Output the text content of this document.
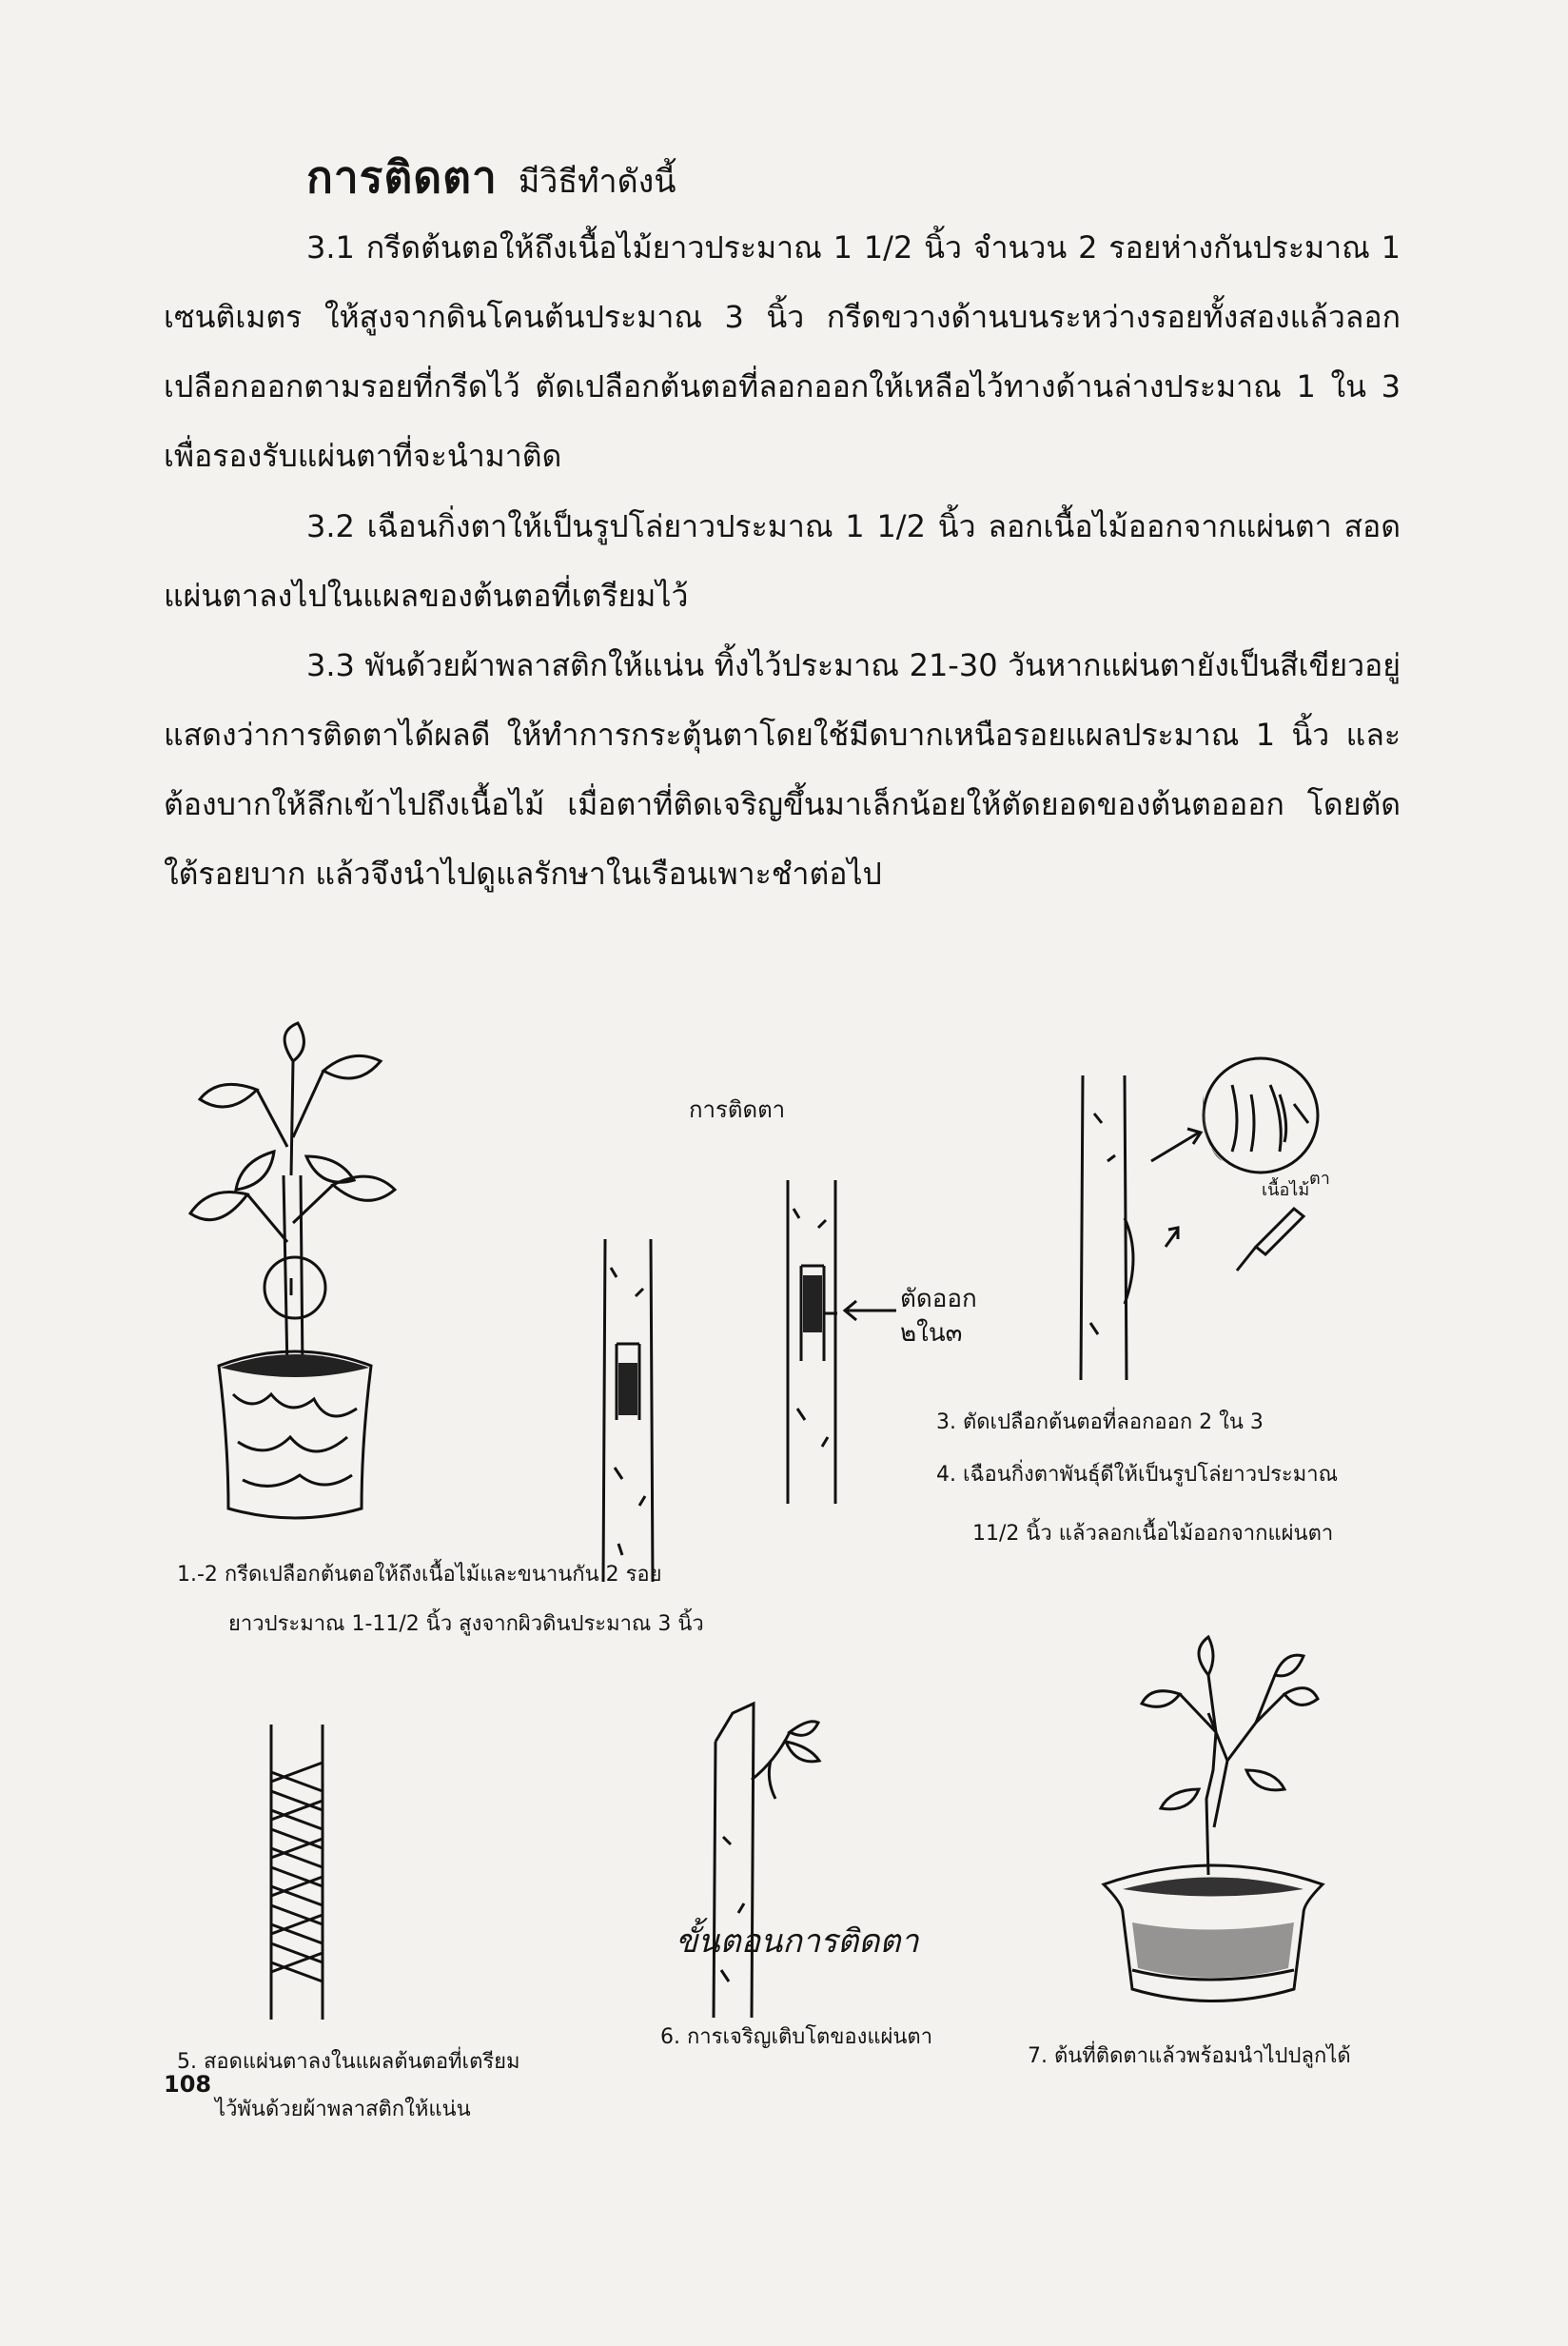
การติดตา มีวิธีทำดังนี้
3.1 กรีดต้นตอให้ถึงเนื้อไม้ยาวประมาณ 1 1/2 นิ้ว จำนวน 2 รอยห่างกันประมาณ 1 เซนติเมตร ให้สูงจากดินโคนต้นประมาณ 3 นิ้ว กรีดขวางด้านบนระหว่างรอยทั้งสองแล้วลอกเปลือกออกตามรอยที่กรีดไว้ ตัดเปลือกต้นตอที่ลอกออกให้เหลือไว้ทางด้านล่างประมาณ 1 ใน 3 เพื่อรองรับแผ่นตาที่จะนำมาติด
3.2 เฉือนกิ่งตาให้เป็นรูปโล่ยาวประมาณ 1 1/2 นิ้ว ลอกเนื้อไม้ออกจากแผ่นตา สอดแผ่นตาลงไปในแผลของต้นตอที่เตรียมไว้
3.3 พันด้วยผ้าพลาสติกให้แน่น ทิ้งไว้ประมาณ 21-30 วันหากแผ่นตายังเป็นสีเขียวอยู่แสดงว่าการติดตาได้ผลดี ให้ทำการกระตุ้นตาโดยใช้มีดบากเหนือรอยแผลประมาณ 1 นิ้ว และต้องบากให้ลึกเข้าไปถึงเนื้อไม้ เมื่อตาที่ติดเจริญขึ้นมาเล็กน้อยให้ตัดยอดของต้นตอออก โดยตัดใต้รอยบาก แล้วจึงนำไปดูแลรักษาในเรือนเพาะชำต่อไป
การติดตา
ตัดออก
๒ใน๓
เนื้อไม้
ตา
1.-2 กรีดเปลือกต้นตอให้ถึงเนื้อไม้และขนานกัน 2 รอย
ยาวประมาณ 1-11/2 นิ้ว สูงจากผิวดินประมาณ 3 นิ้ว
3. ตัดเปลือกต้นตอที่ลอกออก 2 ใน 3
4. เฉือนกิ่งตาพันธุ์ดีให้เป็นรูปโล่ยาวประมาณ
11/2 นิ้ว แล้วลอกเนื้อไม้ออกจากแผ่นตา
5. สอดแผ่นตาลงในแผลต้นตอที่เตรียม
ไว้พันด้วยผ้าพลาสติกให้แน่น
6. การเจริญเติบโตของแผ่นตา
7. ต้นที่ติดตาแล้วพร้อมนำไปปลูกได้
ขั้นตอนการติดตา
108
